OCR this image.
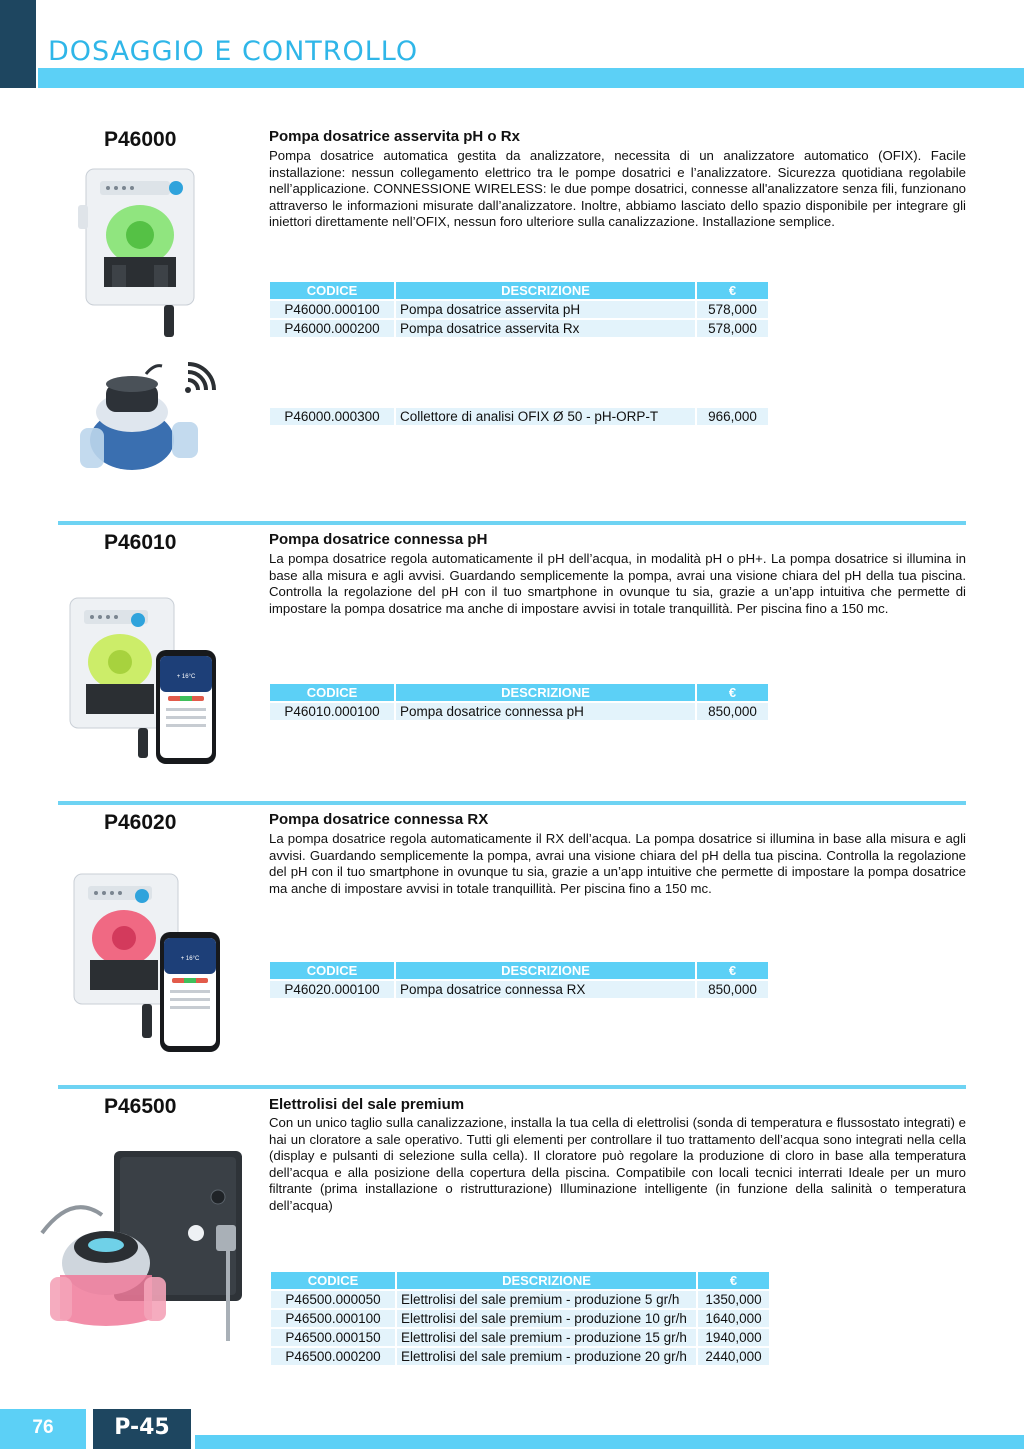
DOSAGGIO E CONTROLLO
P46000	Pompa dosatrice asservita pH o Rx
Pompa dosatrice automatica gestita da analizzatore, necessita di un analizzatore automatico (OFIX). Facile installazione: nessun collegamento elettrico tra le pompe dosatrici e l’analizzatore. Sicurezza quotidiana regolabile nell’applicazione. CONNESSIONE WIRELESS: le due pompe dosatrici, connesse all'analizzatore senza fili, funzionano attraverso le informazioni misurate dall’analizzatore. Inoltre, abbiamo lasciato dello spazio disponibile per integrare gli iniettori direttamente nell’OFIX, nessun foro ulteriore sulla canalizzazione. Installazione semplice.
CODICE	DESCRIZIONE	€
P46000.000100	Pompa dosatrice asservita pH	578,000
P46000.000200	Pompa dosatrice asservita Rx	578,000
P46000.000300	Collettore di analisi OFIX Ø 50 - pH-ORP-T	966,000
P46010	Pompa dosatrice connessa pH
La pompa dosatrice regola automaticamente il pH dell’acqua, in modalità pH o pH+. La pompa dosatrice si illumina in base alla misura e agli avvisi. Guardando semplicemente la pompa, avrai una visione chiara del pH della tua piscina. Controlla la regolazione del pH con il tuo smartphone in ovunque tu sia, grazie a un’app intuitiva che permette di impostare la pompa dosatrice ma anche di impostare avvisi in totale tranquillità. Per piscina fino a 150 mc.
+ 16°C
CODICE	DESCRIZIONE	€
P46010.000100	Pompa dosatrice connessa pH	850,000
P46020	Pompa dosatrice connessa RX
La pompa dosatrice regola automaticamente il RX dell’acqua. La pompa dosatrice si illumina in base alla misura e agli avvisi. Guardando semplicemente la pompa, avrai una visione chiara del pH della tua piscina. Controlla la regolazione del pH con il tuo smartphone in ovunque tu sia, grazie a un’app intuitive che permette di impostare la pompa dosatrice ma anche di impostare avvisi in totale tranquillità. Per piscina fino a 150 mc.
+ 16°C
CODICE	DESCRIZIONE	€
P46020.000100	Pompa dosatrice connessa RX	850,000
P46500	Elettrolisi del sale premium
Con un unico taglio sulla canalizzazione, installa la tua cella di elettrolisi (sonda di temperatura e flussostato integrati) e hai un cloratore a sale operativo. Tutti gli elementi per controllare il tuo trattamento dell’acqua sono integrati nella cella (display e pulsanti di selezione sulla cella). Il cloratore può regolare la produzione di cloro in base alla temperatura dell’acqua e alla posizione della copertura della piscina. Compatibile con locali tecnici interrati Ideale per un muro filtrante (prima installazione o ristrutturazione) Illuminazione intelligente (in funzione della salinità o temperatura dell’acqua)
CODICE	DESCRIZIONE	€
P46500.000050	Elettrolisi del sale premium - produzione 5 gr/h	1350,000
P46500.000100	Elettrolisi del sale premium - produzione 10 gr/h	1640,000
P46500.000150	Elettrolisi del sale premium - produzione 15 gr/h	1940,000
P46500.000200	Elettrolisi del sale premium - produzione 20 gr/h	2440,000
76	P-45
